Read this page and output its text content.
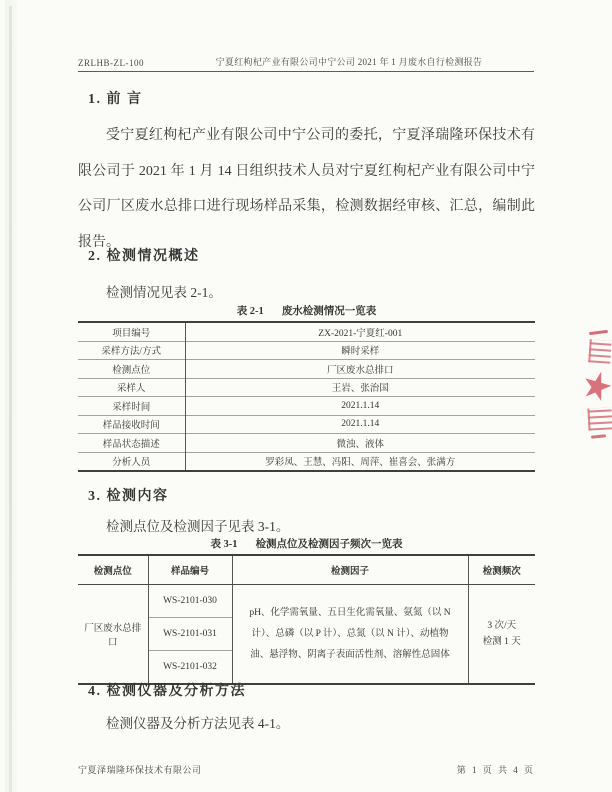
ZRLHB-ZL-100	宁夏红枸杞产业有限公司中宁公司 2021 年 1 月废水自行检测报告
1. 前 言
受宁夏红枸杞产业有限公司中宁公司的委托，宁夏泽瑞隆环保技术有限公司于 2021 年 1 月 14 日组织技术人员对宁夏红枸杞产业有限公司中宁公司厂区废水总排口进行现场样品采集，检测数据经审核、汇总，编制此报告。
2. 检测情况概述
检测情况见表 2-1。
表 2-1 废水检测情况一览表
项目编号	ZX-2021-宁夏红-001
采样方法/方式	瞬时采样
检测点位	厂区废水总排口
采样人	王岩、张治国
采样时间	2021.1.14
样品接收时间	2021.1.14
样品状态描述	微浊、液体
分析人员	罗彩凤、王慧、冯阳、周萍、崔喜会、张满方
3. 检测内容
检测点位及检测因子见表 3-1。
表 3-1 检测点位及检测因子频次一览表
检测点位	样品编号	检测因子	检测频次
厂区废水总排口	WS-2101-030	pH、化学需氧量、五日生化需氧量、氨氮（以 N 计）、总磷（以 P 计）、总氮（以 N 计）、动植物油、悬浮物、阴离子表面活性剂、溶解性总固体	3 次/天
检测 1 天

	WS-2101-031		
	WS-2101-032		
4. 检测仪器及分析方法
检测仪器及分析方法见表 4-1。
宁夏泽瑞隆环保技术有限公司	第 1 页 共 4 页
